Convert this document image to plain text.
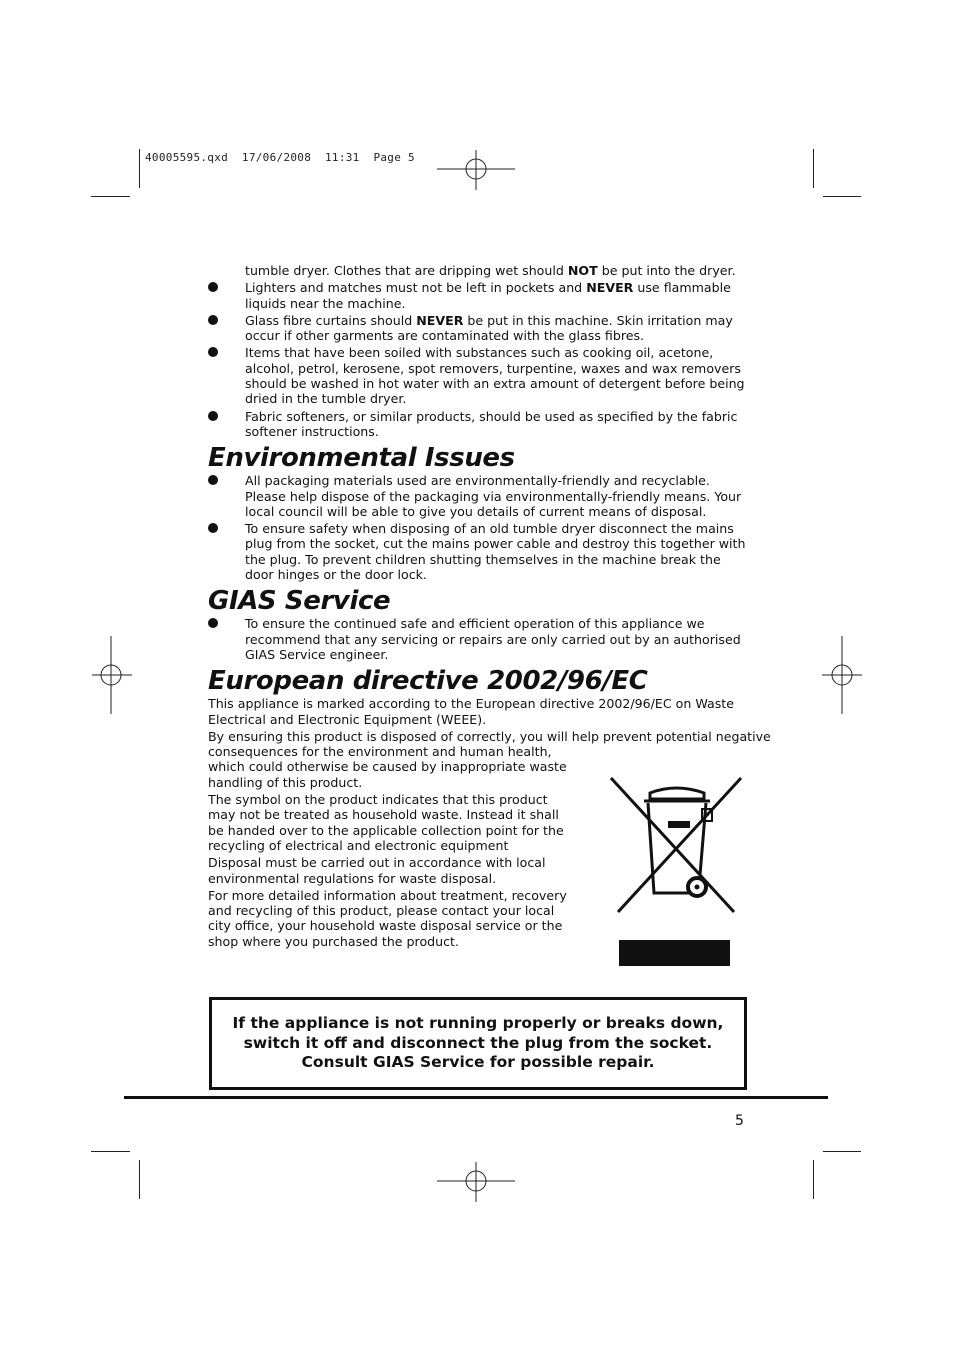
40005595.qxd  17/06/2008  11:31  Page 5
tumble dryer. Clothes that are dripping wet should NOT be put into the dryer.
Lighters and matches must not be left in pockets and NEVER use flammable liquids near the machine.
Glass fibre curtains should NEVER be put in this machine. Skin irritation may occur if other garments are contaminated with the glass fibres.
Items that have been soiled with substances such as cooking oil, acetone, alcohol, petrol, kerosene, spot removers, turpentine, waxes and wax removers should be washed in hot water with an extra amount of detergent before being dried in the tumble dryer.
Fabric softeners, or similar products, should be used as specified by the fabric softener instructions.
Environmental Issues
All packaging materials used are environmentally-friendly and recyclable. Please help dispose of the packaging via environmentally-friendly means. Your local council will be able to give you details of current means of disposal.
To ensure safety when disposing of an old tumble dryer disconnect the mains plug from the socket, cut the mains power cable and destroy this together with the plug. To prevent children shutting themselves in the machine break the door hinges or the door lock.
GIAS Service
To ensure the continued safe and efficient operation of this appliance we recommend that any servicing or repairs are only carried out by an authorised GIAS Service engineer.
European directive 2002/96/EC

This appliance is marked according to the European directive 2002/96/EC on Waste Electrical and Electronic Equipment (WEEE).

By ensuring this product is disposed of correctly, you will help prevent potential negative

consequences for the environment and human health, which could otherwise be caused by inappropriate waste handling of this product.

The symbol on the product indicates that this product may not be treated as household waste. Instead it shall be handed over to the applicable collection point for the recycling of electrical and electronic equipment

Disposal must be carried out in accordance with local environmental regulations for waste disposal.

For more detailed information about treatment, recovery and recycling of this product, please contact your local city office, your household waste disposal service or the shop where you purchased the product.

If the appliance is not running properly or breaks down,

switch it off and disconnect the plug from the socket.

Consult GIAS Service for possible repair.

5
